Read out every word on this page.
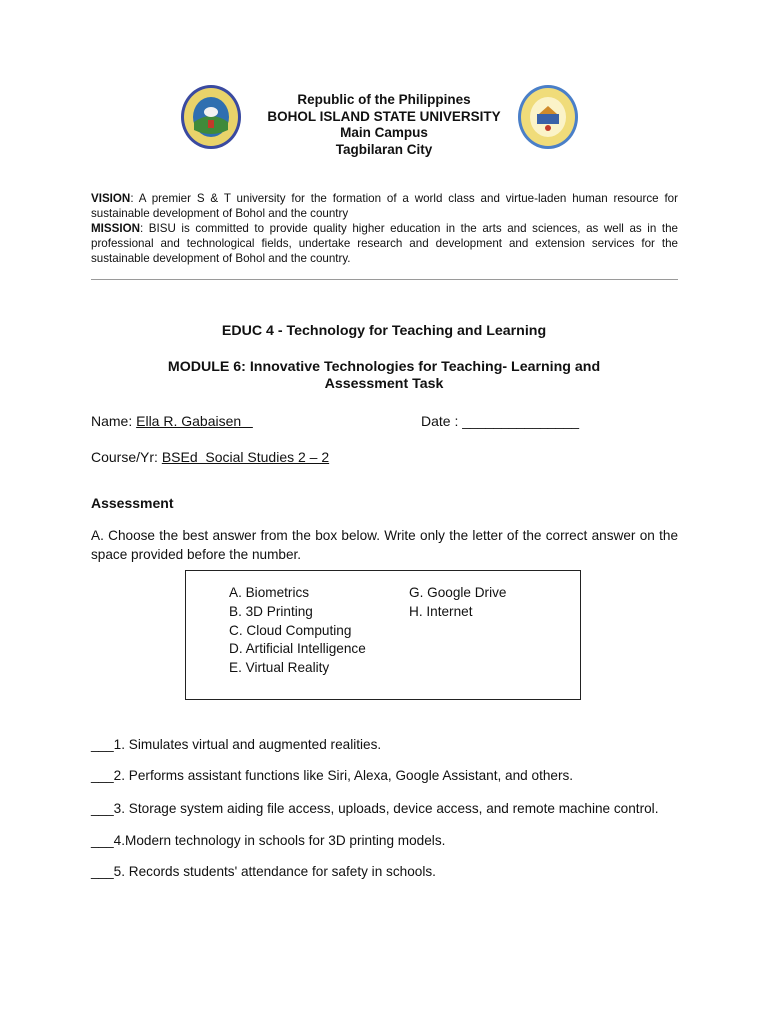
Republic of the Philippines
BOHOL ISLAND STATE UNIVERSITY
Main Campus
Tagbilaran City
VISION: A premier S & T university for the formation of a world class and virtue-laden human resource for sustainable development of Bohol and the country
MISSION: BISU is committed to provide quality higher education in the arts and sciences, as well as in the professional and technological fields, undertake research and development and extension services for the sustainable development of Bohol and the country.
EDUC 4 - Technology for Teaching and Learning
MODULE 6: Innovative Technologies for Teaching- Learning and
Assessment Task
Name: Ella R. Gabaisen	Date : _______________
Course/Yr: BSEd  Social Studies 2 – 2
Assessment
A. Choose the best answer from the box below. Write only the letter of the correct answer on the space provided before the number.
A. Biometrics
B. 3D Printing
C. Cloud Computing
D. Artificial Intelligence
E. Virtual Reality
G. Google Drive
H. Internet
___1. Simulates virtual and augmented realities.
___2. Performs assistant functions like Siri, Alexa, Google Assistant, and others.
___3. Storage system aiding file access, uploads, device access, and remote machine control.
___4.Modern technology in schools for 3D printing models.
___5. Records students' attendance for safety in schools.
